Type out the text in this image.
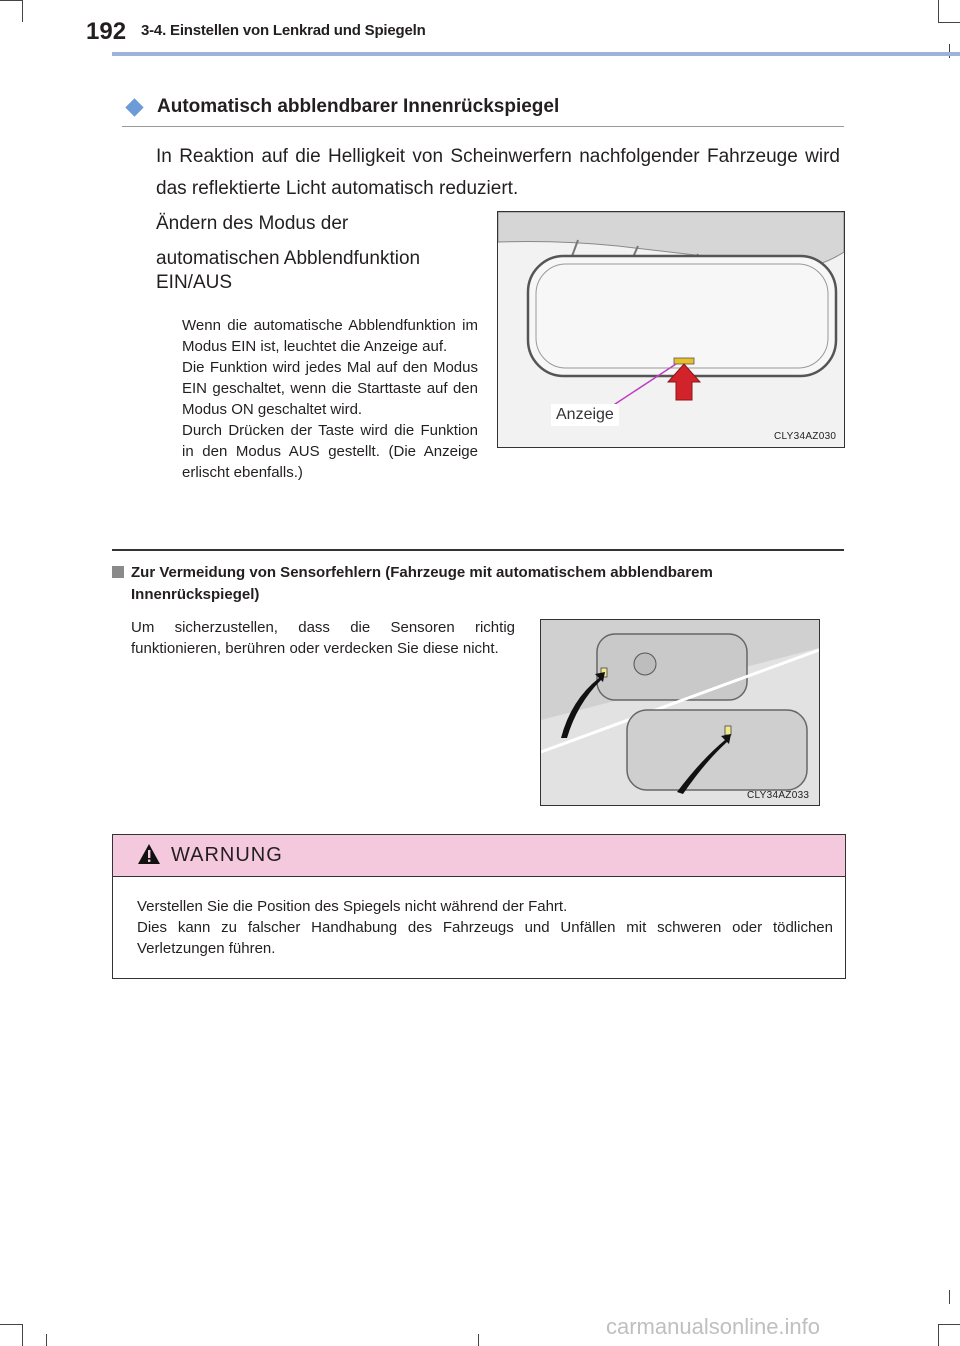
192 3-4. Einstellen von Lenkrad und Spiegeln
Automatisch abblendbarer Innenrückspiegel
In Reaktion auf die Helligkeit von Scheinwerfern nachfolgender Fahrzeuge wird das reflektierte Licht automatisch reduziert.
Ändern des Modus der automatischen Abblendfunktion
EIN/AUS
Wenn die automatische Abblendfunktion im Modus EIN ist, leuchtet die Anzeige auf.
Die Funktion wird jedes Mal auf den Modus EIN geschaltet, wenn die Starttaste auf den Modus ON geschaltet wird.
Durch Drücken der Taste wird die Funktion in den Modus AUS gestellt. (Die Anzeige erlischt ebenfalls.)
Anzeige
CLY34AZ030
Zur Vermeidung von Sensorfehlern (Fahrzeuge mit automatischem abblendbarem Innenrückspiegel)
Um sicherzustellen, dass die Sensoren richtig funktionieren, berühren oder verdecken Sie diese nicht.
CLY34AZ033
WARNUNG
Verstellen Sie die Position des Spiegels nicht während der Fahrt.
Dies kann zu falscher Handhabung des Fahrzeugs und Unfällen mit schweren oder tödlichen Verletzungen führen.
carmanualsonline.info
